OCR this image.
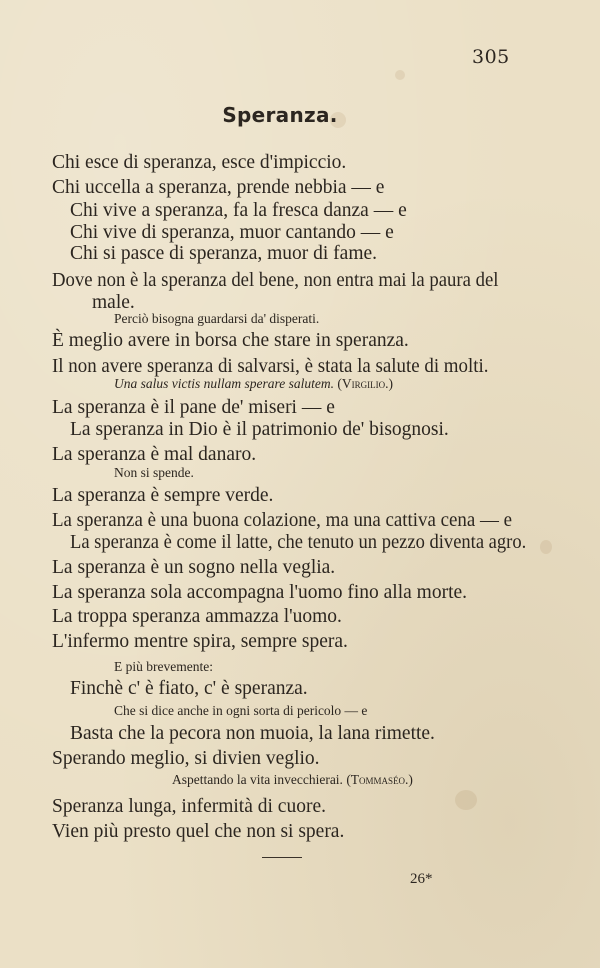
305
Speranza.
Chi esce di speranza, esce d'impiccio.
Chi uccella a speranza, prende nebbia — e
Chi vive a speranza, fa la fresca danza — e
Chi vive di speranza, muor cantando — e
Chi si pasce di speranza, muor di fame.
Dove non è la speranza del bene, non entra mai la paura del
male.
Perciò bisogna guardarsi da' disperati.
È meglio avere in borsa che stare in speranza.
Il non avere speranza di salvarsi, è stata la salute di molti.
Una salus victis nullam sperare salutem. (Virgilio.)
La speranza è il pane de' miseri — e
La speranza in Dio è il patrimonio de' bisognosi.
La speranza è mal danaro.
Non si spende.
La speranza è sempre verde.
La speranza è una buona colazione, ma una cattiva cena — e
La speranza è come il latte, che tenuto un pezzo diventa agro.
La speranza è un sogno nella veglia.
La speranza sola accompagna l'uomo fino alla morte.
La troppa speranza ammazza l'uomo.
L'infermo mentre spira, sempre spera.
E più brevemente:
Finchè c' è fiato, c' è speranza.
Che si dice anche in ogni sorta di pericolo — e
Basta che la pecora non muoia, la lana rimette.
Sperando meglio, si divien veglio.
Aspettando la vita invecchierai. (Tommaséo.)
Speranza lunga, infermità di cuore.
Vien più presto quel che non si spera.
26*
